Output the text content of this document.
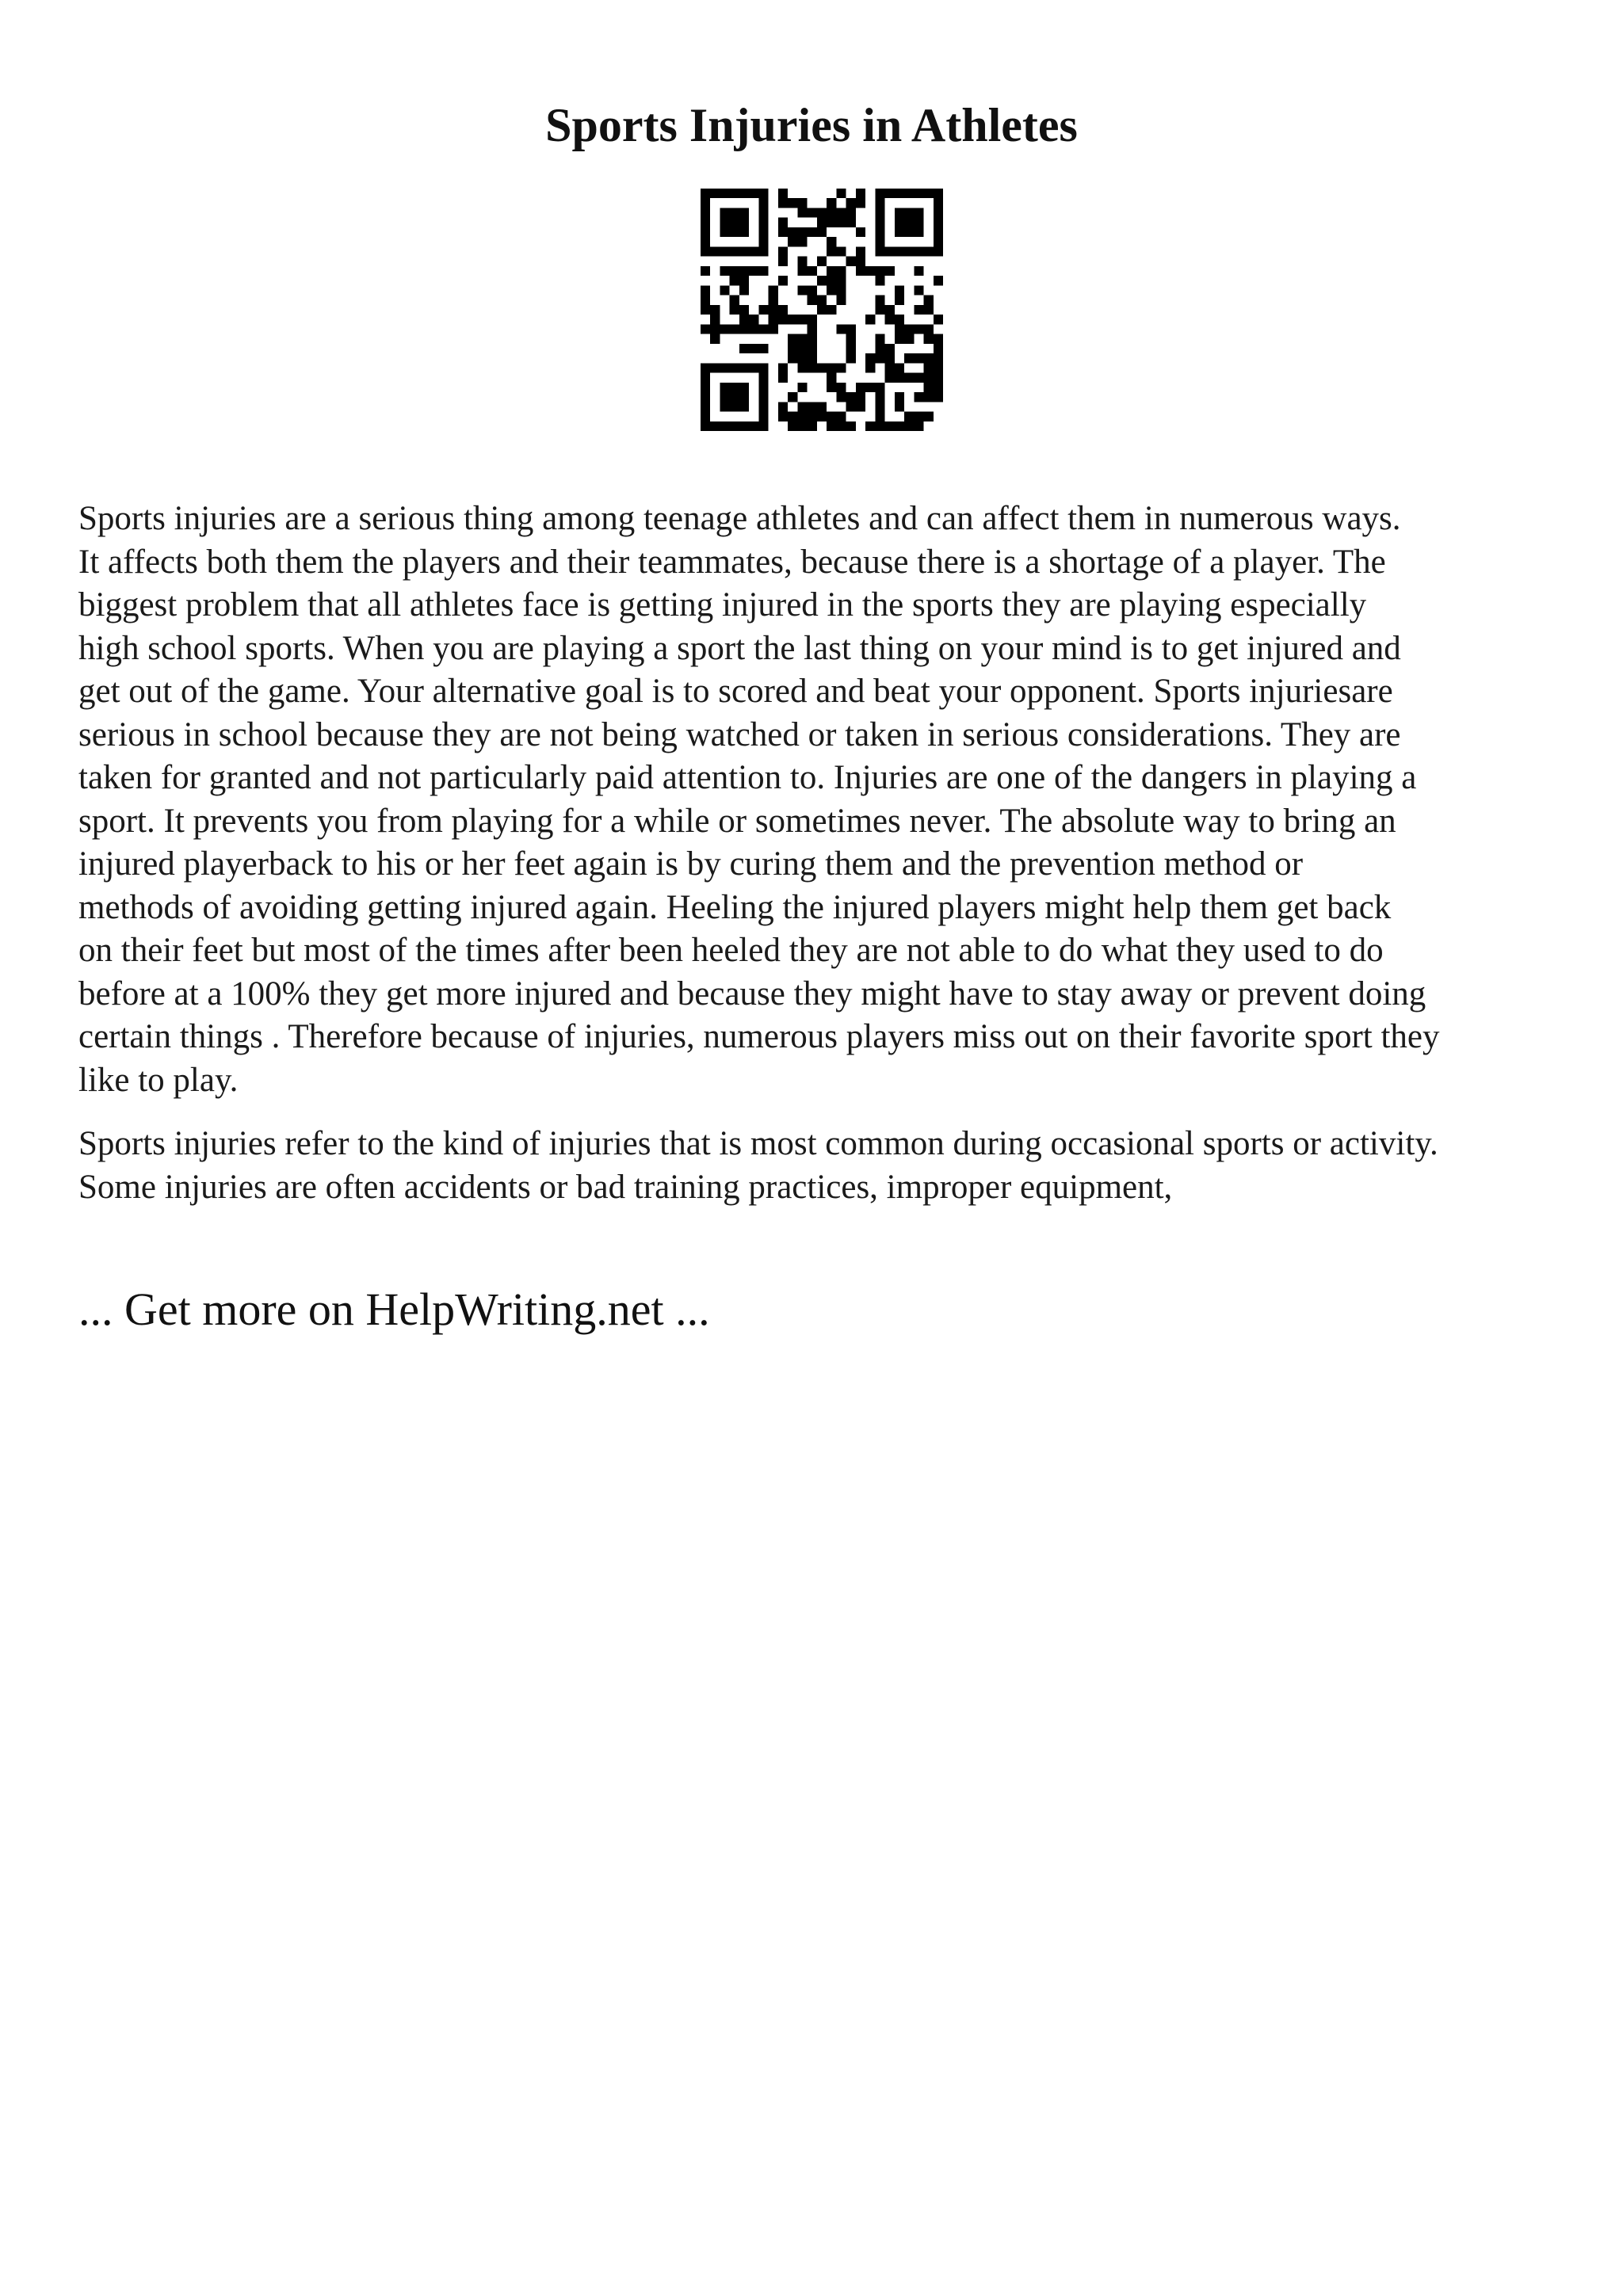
Sports Injuries in Athletes

Sports injuries are a serious thing among teenage athletes and can affect them in numerous ways.
It affects both them the players and their teammates, because there is a shortage of a player. The
biggest problem that all athletes face is getting injured in the sports they are playing especially
high school sports. When you are playing a sport the last thing on your mind is to get injured and
get out of the game. Your alternative goal is to scored and beat your opponent. Sports injuriesare
serious in school because they are not being watched or taken in serious considerations. They are
taken for granted and not particularly paid attention to. Injuries are one of the dangers in playing a
sport. It prevents you from playing for a while or sometimes never. The absolute way to bring an
injured playerback to his or her feet again is by curing them and the prevention method or
methods of avoiding getting injured again. Heeling the injured players might help them get back
on their feet but most of the times after been heeled they are not able to do what they used to do
before at a 100% they get more injured and because they might have to stay away or prevent doing
certain things . Therefore because of injuries, numerous players miss out on their favorite sport they
like to play.

Sports injuries refer to the kind of injuries that is most common during occasional sports or activity.
Some injuries are often accidents or bad training practices, improper equipment,

... Get more on HelpWriting.net ...
